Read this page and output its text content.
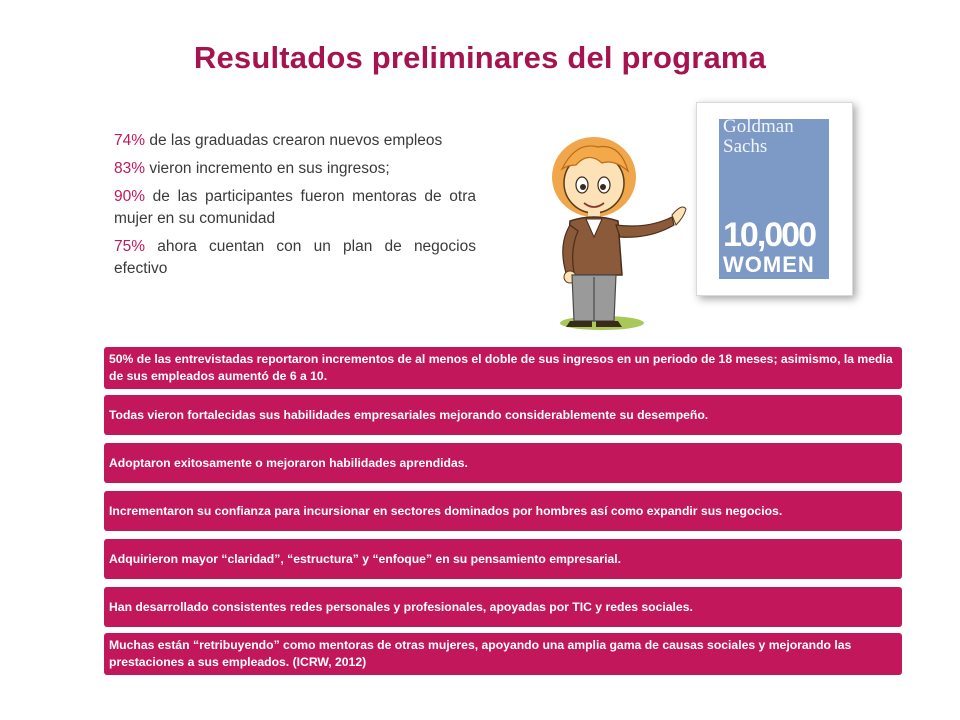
Resultados preliminares del programa
74% de las graduadas crearon nuevos empleos
83% vieron incremento en sus ingresos;
90% de las participantes fueron mentoras de otra mujer en su comunidad
75% ahora cuentan con un plan de negocios efectivo
Goldman
Sachs
10,000
WOMEN
50% de las entrevistadas reportaron incrementos de al menos el doble de sus ingresos en un periodo de 18 meses; asimismo, la media de sus empleados aumentó de 6 a 10.
Todas vieron fortalecidas sus habilidades empresariales mejorando considerablemente su desempeño.
Adoptaron exitosamente o mejoraron habilidades aprendidas.
Incrementaron su confianza para incursionar en sectores dominados por hombres así como expandir sus negocios.
Adquirieron mayor “claridad”, “estructura” y “enfoque” en su pensamiento empresarial.
Han desarrollado consistentes redes personales y profesionales, apoyadas por TIC y redes sociales.
Muchas están “retribuyendo” como mentoras de otras mujeres, apoyando una amplia gama de causas sociales y mejorando las prestaciones a sus empleados. (ICRW, 2012)
